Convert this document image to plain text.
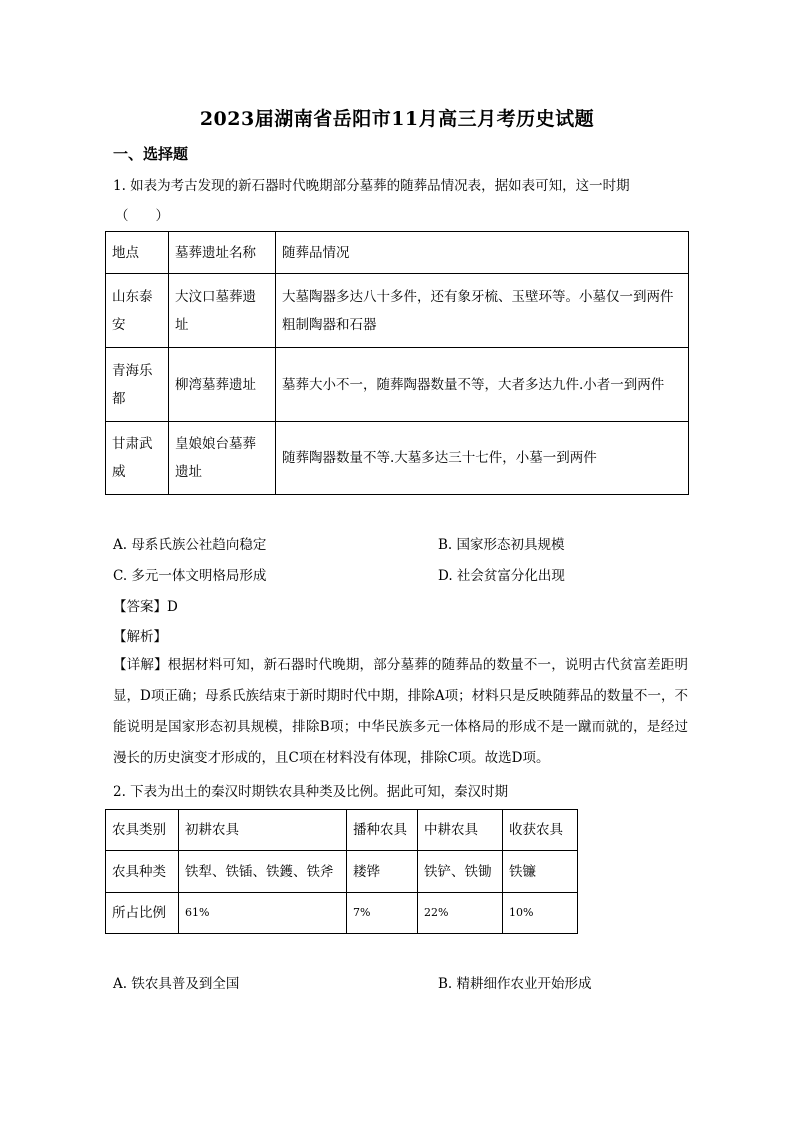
2023届湖南省岳阳市11月高三月考历史试题
一、选择题
1. 如表为考古发现的新石器时代晚期部分墓葬的随葬品情况表，据如表可知，这一时期
（　　）
地点	墓葬遗址名称	随葬品情况
山东泰安	大汶口墓葬遗址	大墓陶器多达八十多件，还有象牙梳、玉壁环等。小墓仅一到两件粗制陶器和石器
青海乐都	柳湾墓葬遗址	墓葬大小不一，随葬陶器数量不等，大者多达九件.小者一到两件
甘肃武威	皇娘娘台墓葬遗址	随葬陶器数量不等.大墓多达三十七件，小墓一到两件
A. 母系氏族公社趋向稳定	B. 国家形态初具规模
C. 多元一体文明格局形成	D. 社会贫富分化出现
【答案】D
【解析】
【详解】根据材料可知，新石器时代晚期，部分墓葬的随葬品的数量不一，说明古代贫富差距明显，D项正确；母系氏族结束于新时期时代中期，排除A项；材料只是反映随葬品的数量不一，不能说明是国家形态初具规模，排除B项；中华民族多元一体格局的形成不是一蹴而就的，是经过漫长的历史演变才形成的，且C项在材料没有体现，排除C项。故选D项。
2. 下表为出土的秦汉时期铁农具种类及比例。据此可知，秦汉时期
农具类别	初耕农具	播种农具	中耕农具	收获农具
农具种类	铁犁、铁锸、铁鑊、铁斧	耧铧	铁铲、铁锄	铁镰
所占比例	61%	7%	22%	10%
A. 铁农具普及到全国	B. 精耕细作农业开始形成
